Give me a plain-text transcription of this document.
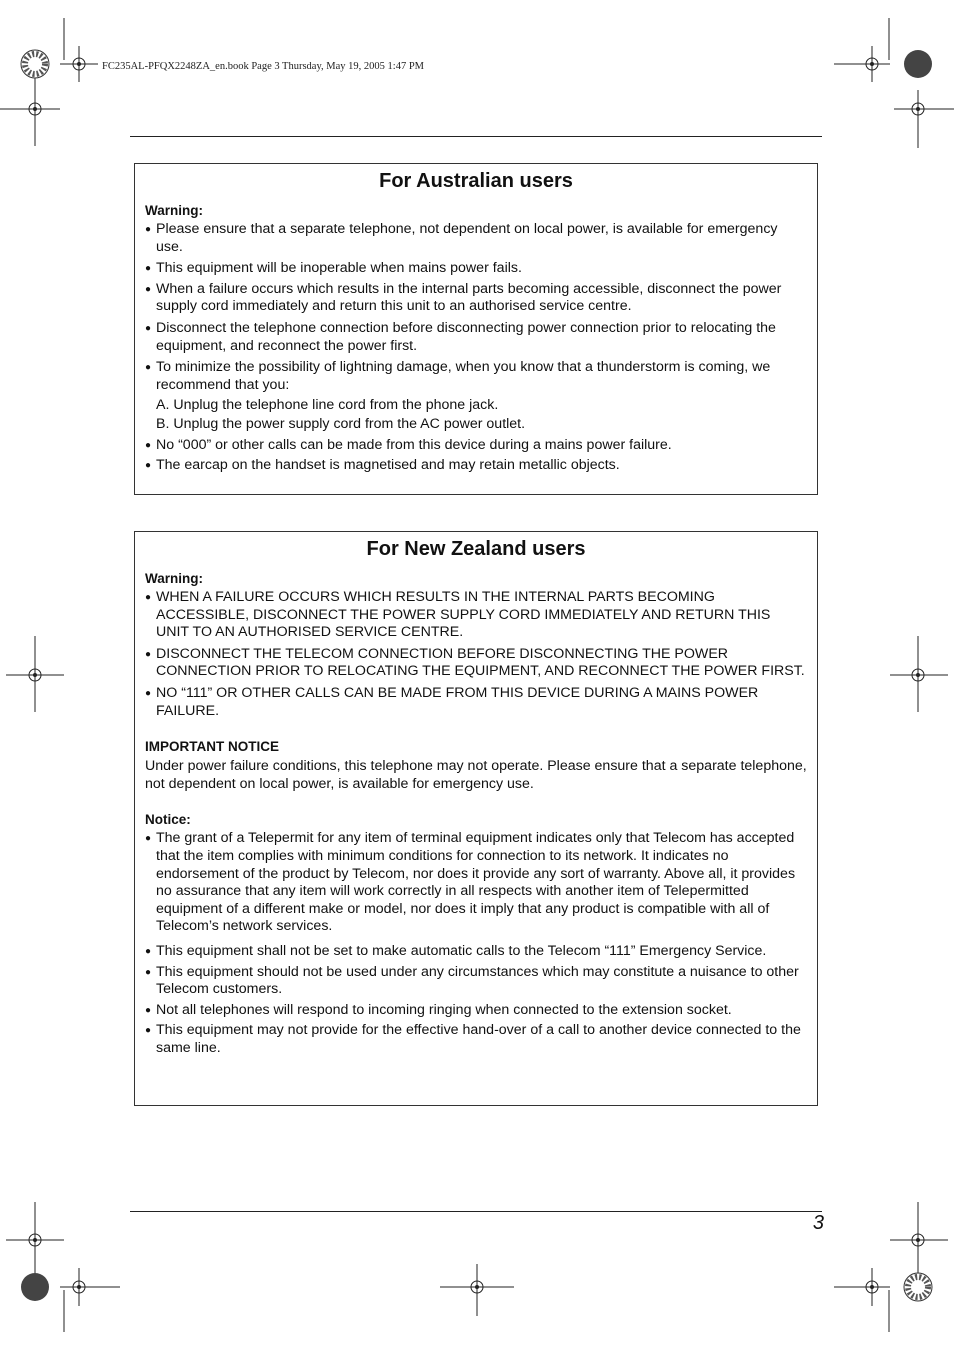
FC235AL-PFQX2248ZA_en.book Page 3 Thursday, May 19, 2005 1:47 PM
For Australian users

Warning:

● Please ensure that a separate telephone, not dependent on local power, is available for emergency use.
● This equipment will be inoperable when mains power fails.
● When a failure occurs which results in the internal parts becoming accessible, disconnect the power supply cord immediately and return this unit to an authorised service centre.
● Disconnect the telephone connection before disconnecting power connection prior to relocating the equipment, and reconnect the power first.
● To minimize the possibility of lightning damage, when you know that a thunderstorm is coming, we recommend that you:
A. Unplug the telephone line cord from the phone jack.
B. Unplug the power supply cord from the AC power outlet.
● No “000” or other calls can be made from this device during a mains power failure.
● The earcap on the handset is magnetised and may retain metallic objects.
For New Zealand users

Warning:

● WHEN A FAILURE OCCURS WHICH RESULTS IN THE INTERNAL PARTS BECOMING ACCESSIBLE, DISCONNECT THE POWER SUPPLY CORD IMMEDIATELY AND RETURN THIS UNIT TO AN AUTHORISED SERVICE CENTRE.
● DISCONNECT THE TELECOM CONNECTION BEFORE DISCONNECTING THE POWER CONNECTION PRIOR TO RELOCATING THE EQUIPMENT, AND RECONNECT THE POWER FIRST.
● NO “111” OR OTHER CALLS CAN BE MADE FROM THIS DEVICE DURING A MAINS POWER FAILURE.

IMPORTANT NOTICE

Under power failure conditions, this telephone may not operate. Please ensure that a separate telephone, not dependent on local power, is available for emergency use.

Notice:

● The grant of a Telepermit for any item of terminal equipment indicates only that Telecom has accepted that the item complies with minimum conditions for connection to its network. It indicates no endorsement of the product by Telecom, nor does it provide any sort of warranty. Above all, it provides no assurance that any item will work correctly in all respects with another item of Telepermitted equipment of a different make or model, nor does it imply that any product is compatible with all of Telecom’s network services.
● This equipment shall not be set to make automatic calls to the Telecom “111” Emergency Service.
● This equipment should not be used under any circumstances which may constitute a nuisance to other Telecom customers.
● Not all telephones will respond to incoming ringing when connected to the extension socket.
● This equipment may not provide for the effective hand-over of a call to another device connected to the same line.
3
